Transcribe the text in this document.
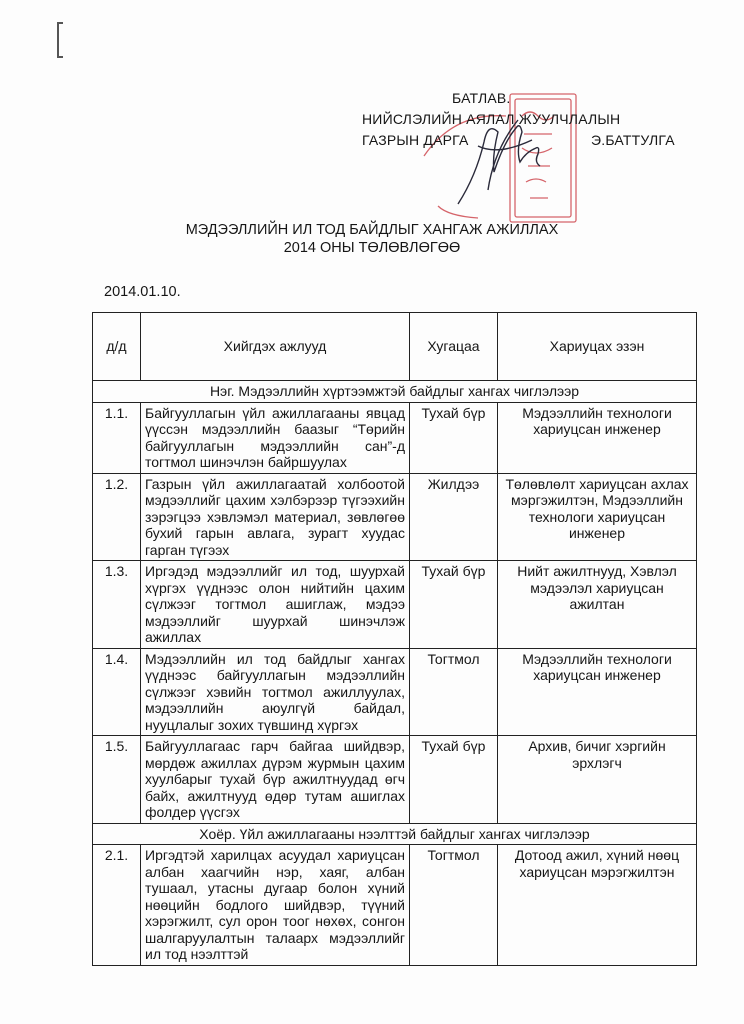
БАТЛАВ.
НИЙСЛЭЛИЙН АЯЛАЛ ЖУУЛЧЛАЛЫН
ГАЗРЫН ДАРГА	Э.БАТТУЛГА
МЭДЭЭЛЛИЙН ИЛ ТОД БАЙДЛЫГ ХАНГАЖ АЖИЛЛАХ
2014 ОНЫ ТӨЛӨВЛӨГӨӨ
2014.01.10.
д/д	Хийгдэх ажлууд	Хугацаа	Хариуцах эзэн
Нэг. Мэдээллийн хүртээмжтэй байдлыг хангах чиглэлээр			
1.1.	Байгууллагын үйл ажиллагааны явцад үүссэн мэдээллийн баазыг “Төрийн байгууллагын мэдээллийн сан”-д тогтмол шинэчлэн байршуулах	Тухай бүр	Мэдээллийн технологи хариуцсан инженер
1.2.	Газрын үйл ажиллагаатай холбоотой мэдээллийг цахим хэлбэрээр түгээхийн зэрэгцээ хэвлэмэл материал, зөвлөгөө бухий гарын авлага, зурагт хуудас гарган түгээх	Жилдээ	Төлөвлөлт хариуцсан ахлах мэргэжилтэн, Мэдээллийн технологи хариуцсан инженер
1.3.	Иргэдэд мэдээллийг ил тод, шуурхай хүргэх үүднээс олон нийтийн цахим сүлжээг тогтмол ашиглаж, мэдээ мэдээллийг шуурхай шинэчлэж ажиллах	Тухай бүр	Нийт ажилтнууд, Хэвлэл мэдээлэл хариуцсан ажилтан
1.4.	Мэдээллийн ил тод байдлыг хангах үүднээс байгууллагын мэдээллийн сүлжээг хэвийн тогтмол ажиллуулах, мэдээллийн аюулгүй байдал, нууцлалыг зохих түвшинд хүргэх	Тогтмол	Мэдээллийн технологи хариуцсан инженер
1.5.	Байгууллагаас гарч байгаа шийдвэр, мөрдөж ажиллах дүрэм журмын цахим хуулбарыг тухай бүр ажилтнуудад өгч байх, ажилтнууд өдөр тутам ашиглах фолдер үүсгэх	Тухай бүр	Архив, бичиг хэргийн эрхлэгч
Хоёр. Үйл ажиллагааны нээлттэй байдлыг хангах чиглэлээр			
2.1.	Иргэдтэй харилцах асуудал хариуцсан албан хаагчийн нэр, хаяг, албан тушаал, утасны дугаар болон хүний нөөцийн бодлого шийдвэр, түүний хэрэгжилт, сул орон тоог нөхөх, сонгон шалгаруулалтын талаарх мэдээллийг ил тод нээлттэй	Тогтмол	Дотоод ажил, хүний нөөц хариуцсан мэрэгжилтэн
